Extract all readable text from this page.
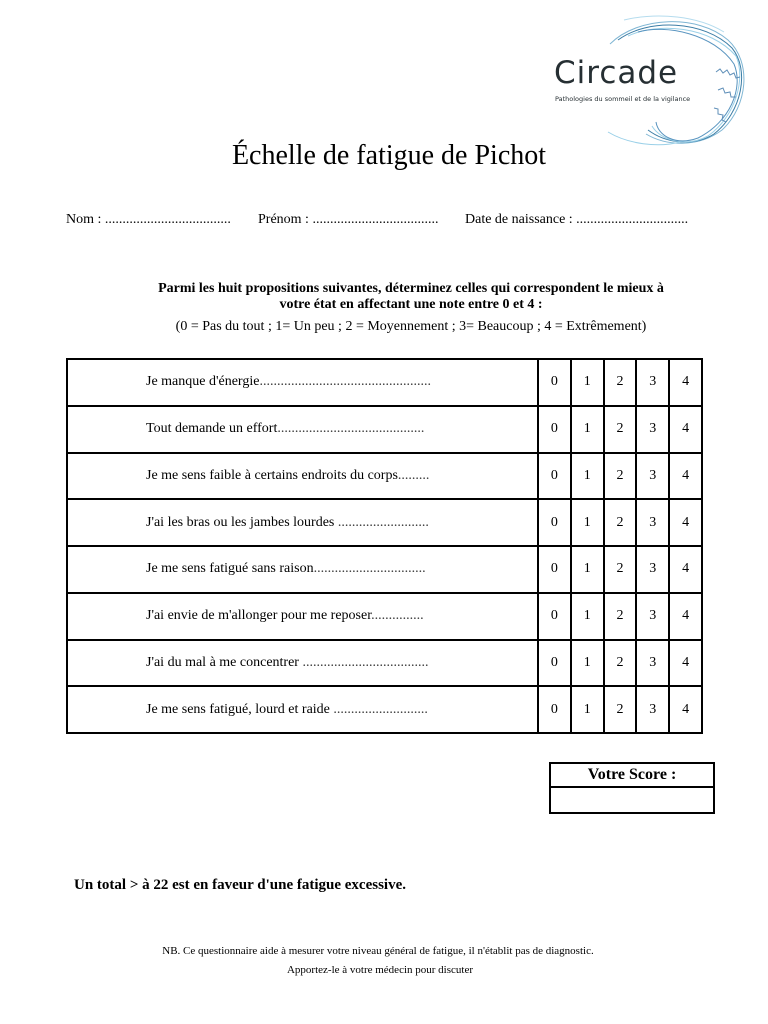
Circade
Pathologies du sommeil et de la vigilance
Échelle de fatigue de Pichot
Nom : .................................... Prénom : .................................... Date de naissance : ................................
Parmi les huit propositions suivantes, déterminez celles qui correspondent le mieux à
votre état en affectant une note entre 0 et 4 :
(0 = Pas du tout ; 1= Un peu ; 2 = Moyennement ; 3= Beaucoup ; 4 = Extrêmement)
Je manque d'énergie.................................................	0	1	2	3	4
Tout demande un effort..........................................	0	1	2	3	4
Je me sens faible à certains endroits du corps.........	0	1	2	3	4
J'ai les bras ou les jambes lourdes ..........................	0	1	2	3	4
Je me sens fatigué sans raison................................	0	1	2	3	4
J'ai envie de m'allonger pour me reposer...............	0	1	2	3	4
J'ai du mal à me concentrer ....................................	0	1	2	3	4
Je me sens fatigué, lourd et raide ...........................	0	1	2	3	4
Votre Score :

Un total > à 22 est en faveur d'une fatigue excessive.
NB. Ce questionnaire aide à mesurer votre niveau général de fatigue, il n'établit pas de diagnostic.
Apportez-le à votre médecin pour discuter
